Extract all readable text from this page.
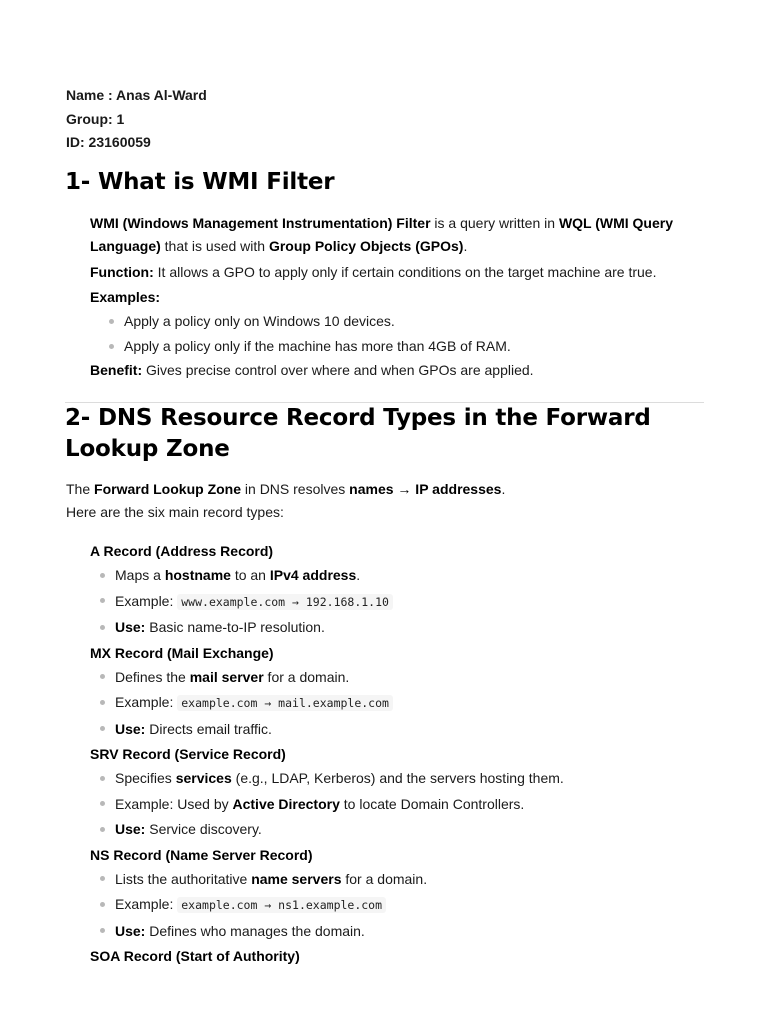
Name : Anas Al-Ward
Group: 1
ID: 23160059
1- What is WMI Filter

WMI (Windows Management Instrumentation) Filter is a query written in WQL (WMI Query Language) that is used with Group Policy Objects (GPOs).

Function: It allows a GPO to apply only if certain conditions on the target machine are true.

Examples:

Apply a policy only on Windows 10 devices.
Apply a policy only if the machine has more than 4GB of RAM.

Benefit: Gives precise control over where and when GPOs are applied.

2- DNS Resource Record Types in the Forward Lookup Zone

The Forward Lookup Zone in DNS resolves names → IP addresses.

Here are the six main record types:

A Record (Address Record)
Maps a hostname to an IPv4 address.
Example: www.example.com → 192.168.1.10
Use: Basic name-to-IP resolution.
MX Record (Mail Exchange)
Defines the mail server for a domain.
Example: example.com → mail.example.com
Use: Directs email traffic.
SRV Record (Service Record)
Specifies services (e.g., LDAP, Kerberos) and the servers hosting them.
Example: Used by Active Directory to locate Domain Controllers.
Use: Service discovery.
NS Record (Name Server Record)
Lists the authoritative name servers for a domain.
Example: example.com → ns1.example.com
Use: Defines who manages the domain.
SOA Record (Start of Authority)
